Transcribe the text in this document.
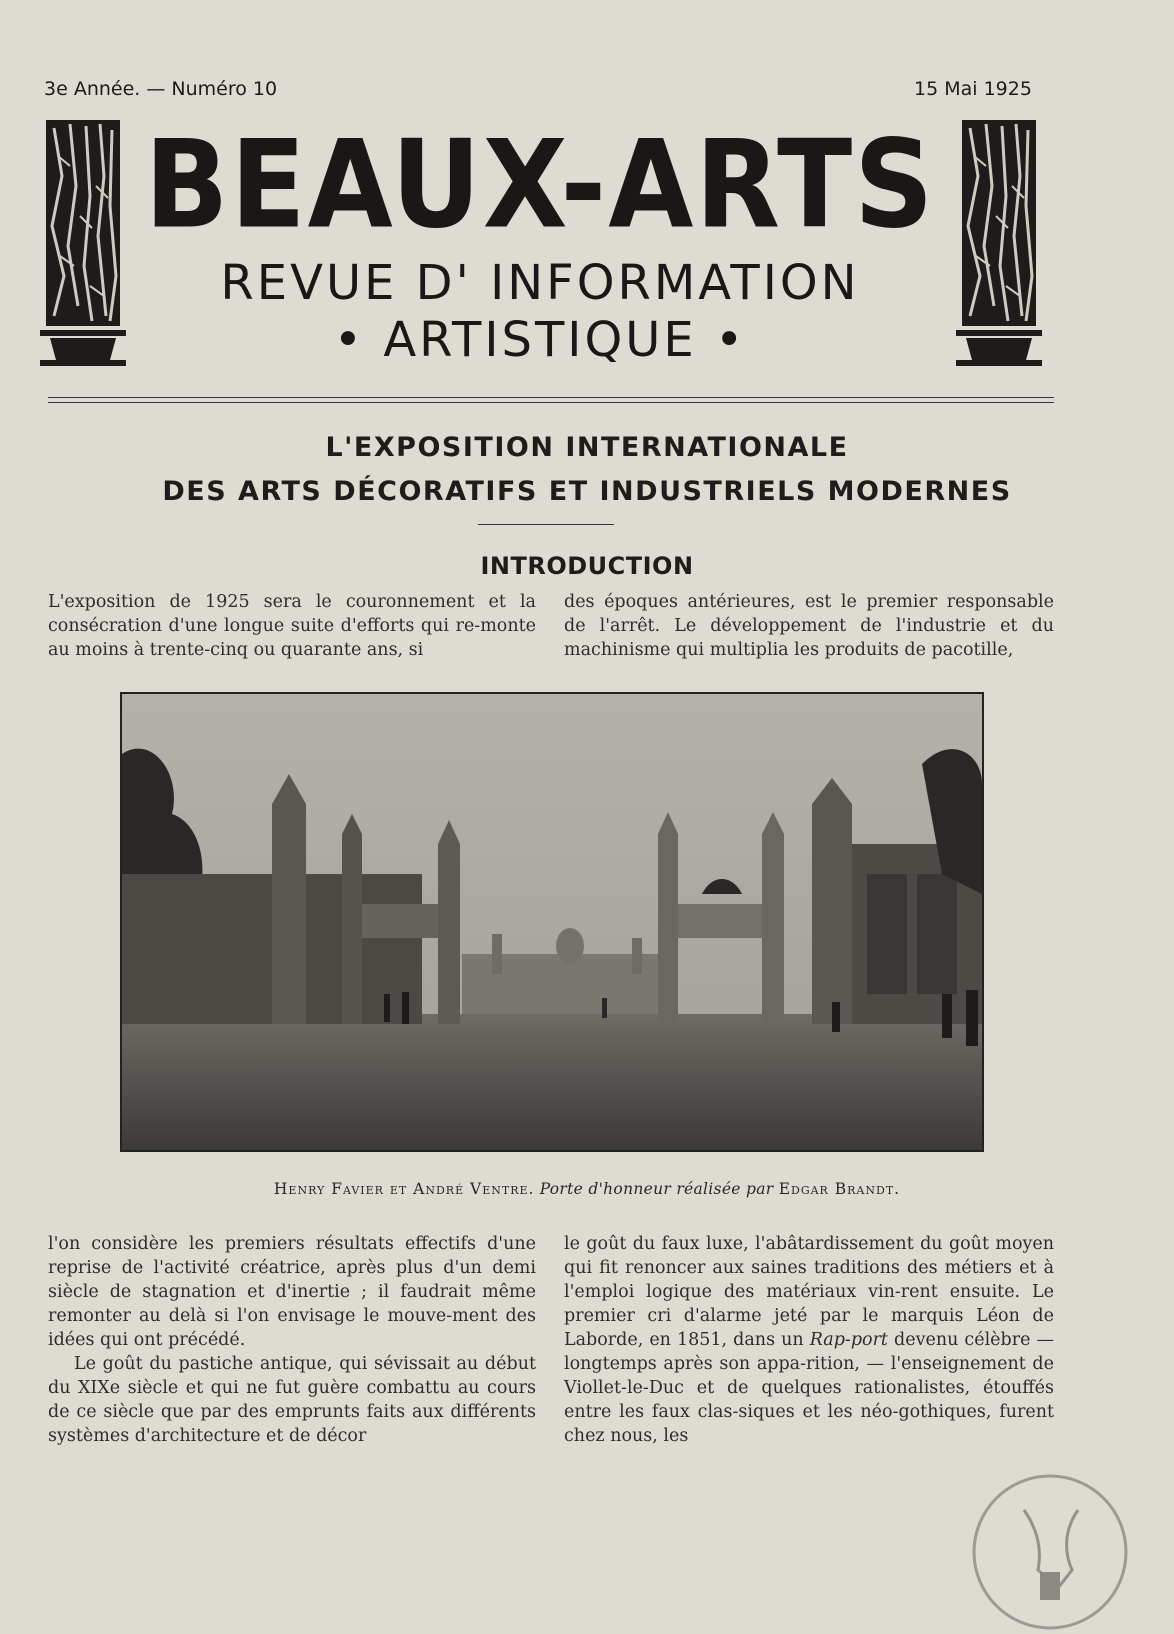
3e Année. — Numéro 10	15 Mai 1925
BEAUX-ARTS
REVUE D' INFORMATION
• ARTISTIQUE •
L'EXPOSITION INTERNATIONALE
DES ARTS DÉCORATIFS ET INDUSTRIELS MODERNES
INTRODUCTION

L'exposition de 1925 sera le couronnement et la consécration d'une longue suite d'efforts qui re-monte au moins à trente-cinq ou quarante ans, si

des époques antérieures, est le premier responsable de l'arrêt. Le développement de l'industrie et du machinisme qui multiplia les produits de pacotille,

Henry Favier et André Ventre. Porte d'honneur réalisée par Edgar Brandt.

l'on considère les premiers résultats effectifs d'une reprise de l'activité créatrice, après plus d'un demi siècle de stagnation et d'inertie ; il faudrait même remonter au delà si l'on envisage le mouve-ment des idées qui ont précédé.

Le goût du pastiche antique, qui sévissait au début du XIXe siècle et qui ne fut guère combattu au cours de ce siècle que par des emprunts faits aux différents systèmes d'architecture et de décor

le goût du faux luxe, l'abâtardissement du goût moyen qui fit renoncer aux saines traditions des métiers et à l'emploi logique des matériaux vin-rent ensuite. Le premier cri d'alarme jeté par le marquis Léon de Laborde, en 1851, dans un Rap-port devenu célèbre — longtemps après son appa-rition, — l'enseignement de Viollet-le-Duc et de quelques rationalistes, étouffés entre les faux clas-siques et les néo-gothiques, furent chez nous, les
